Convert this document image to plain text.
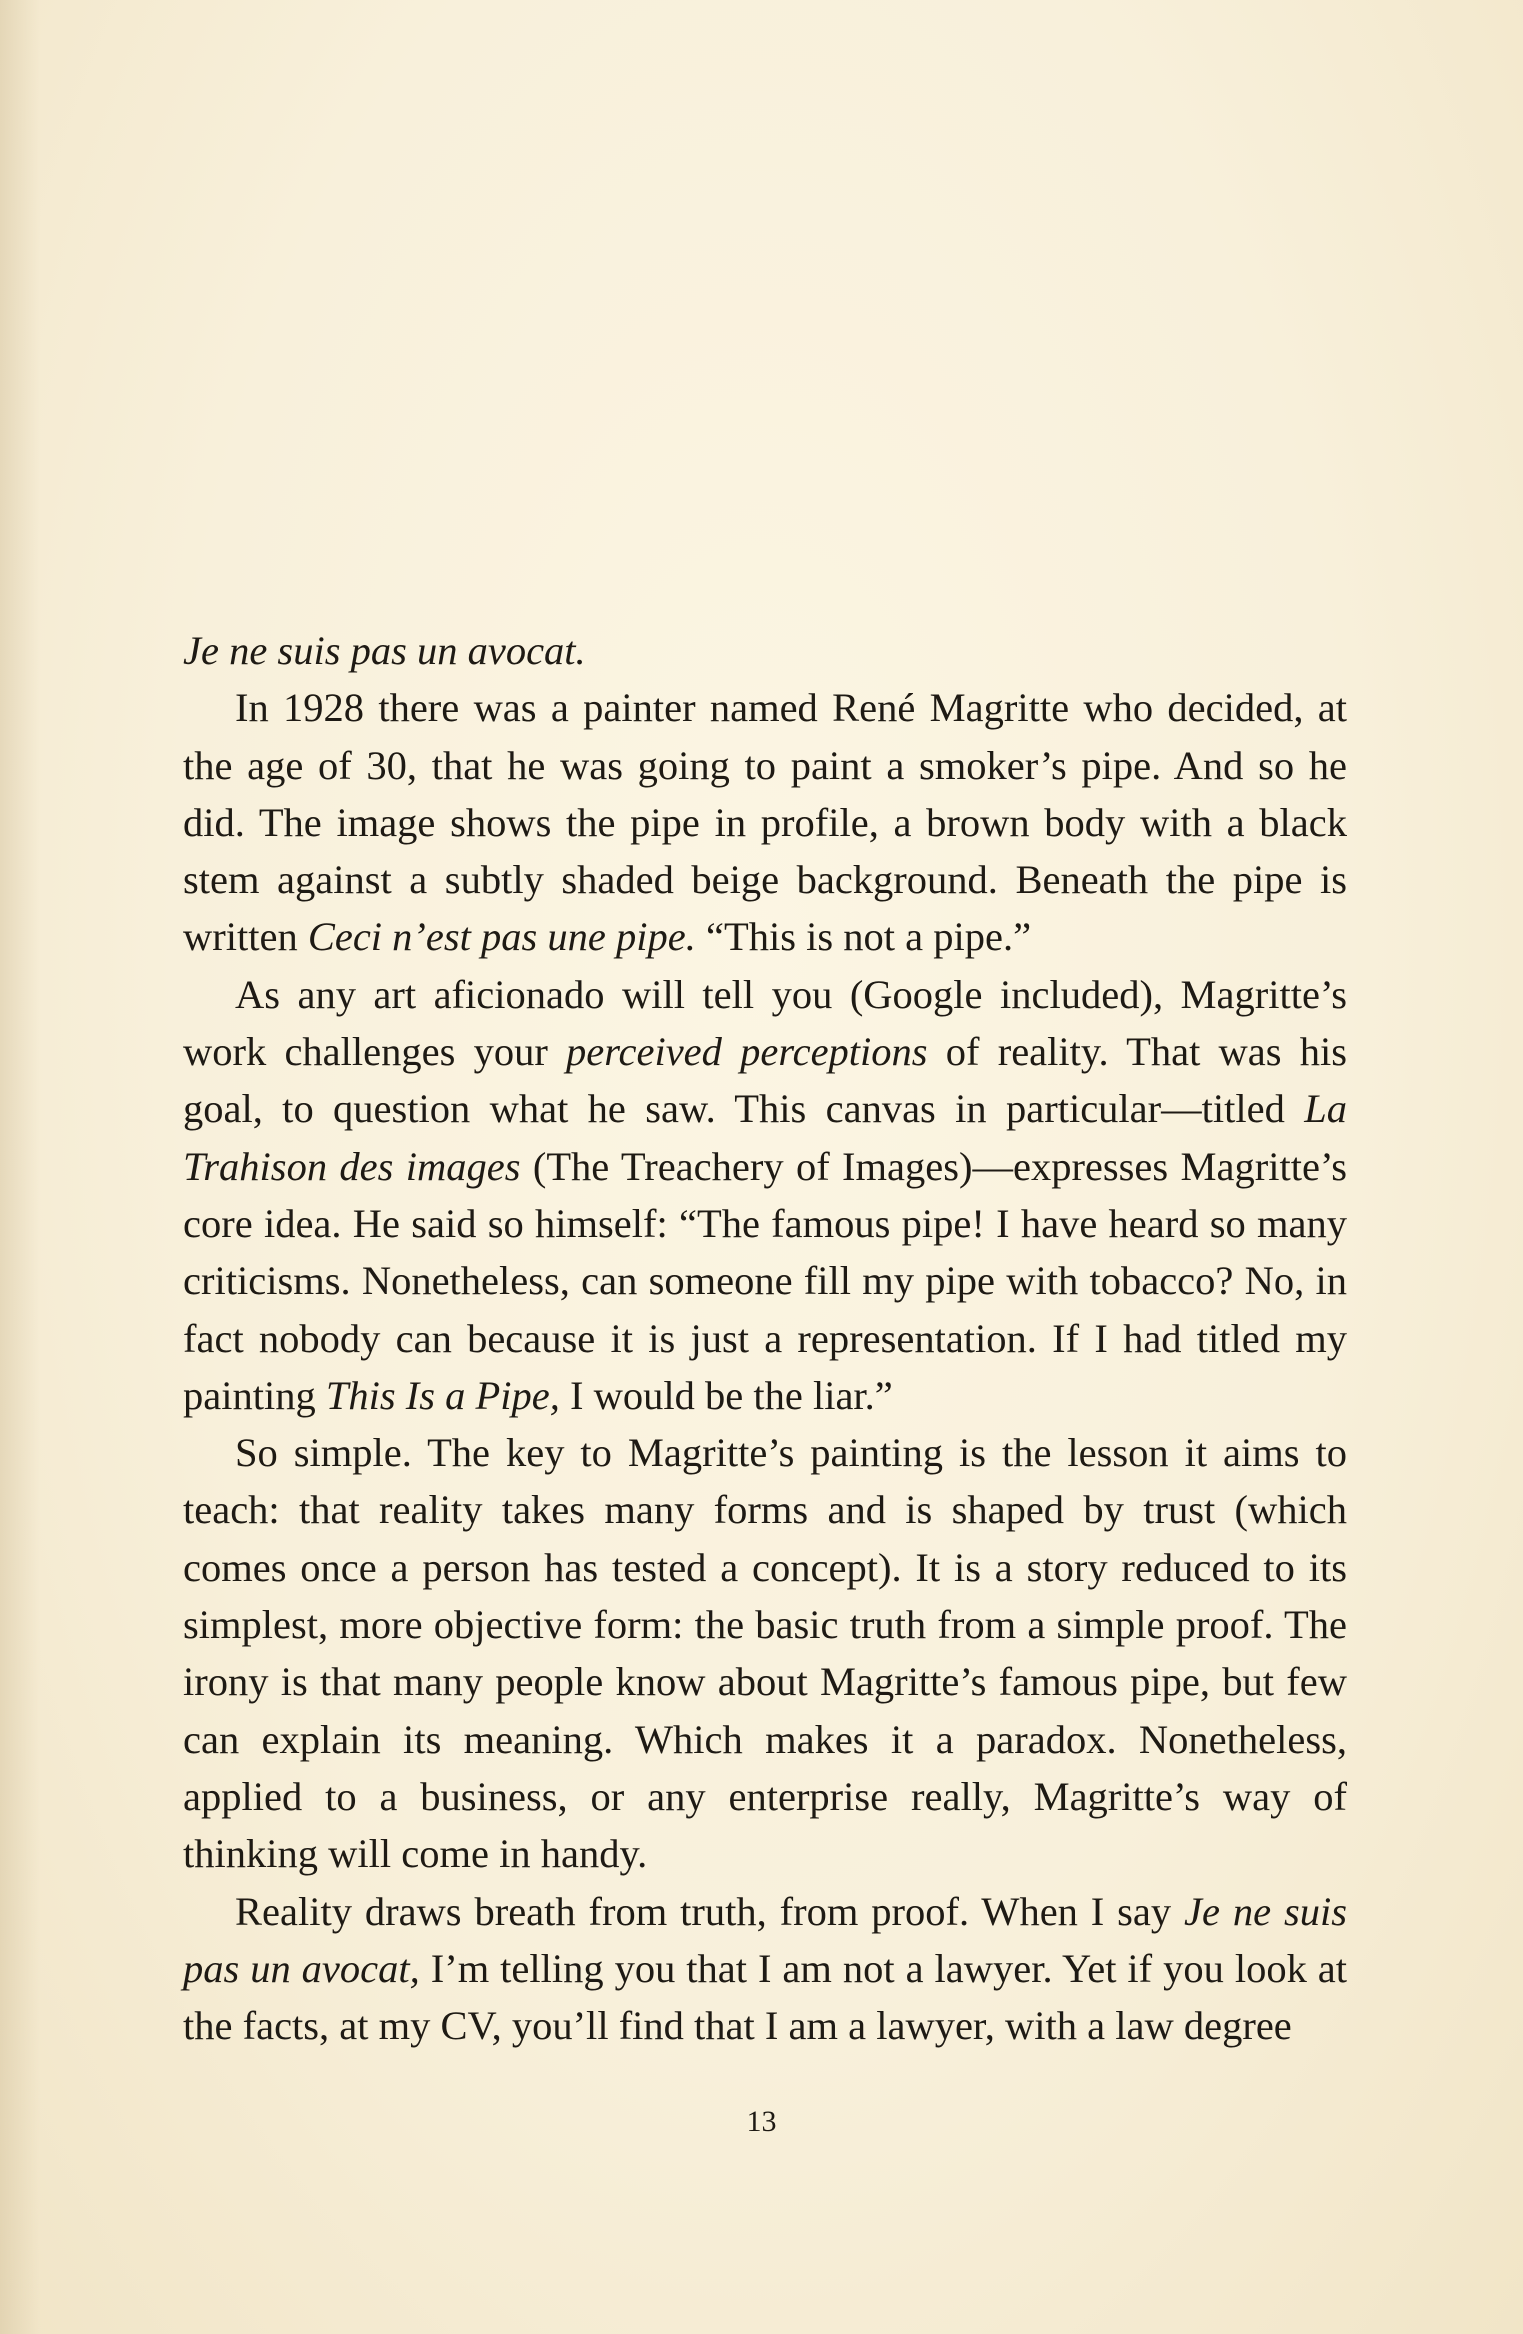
Je ne suis pas un avocat.

In 1928 there was a painter named René Magritte who decided, at the age of 30, that he was going to paint a smoker’s pipe. And so he did. The image shows the pipe in profile, a brown body with a black stem against a subtly shaded beige background. Beneath the pipe is written Ceci n’est pas une pipe. “This is not a pipe.”

As any art aficionado will tell you (Google included), Magritte’s work challenges your perceived perceptions of reality. That was his goal, to question what he saw. This canvas in particular—titled La Trahison des images (The Treachery of Images)—expresses Magritte’s core idea. He said so himself: “The famous pipe! I have heard so many criticisms. Nonetheless, can someone fill my pipe with tobacco? No, in fact nobody can because it is just a representation. If I had titled my painting This Is a Pipe, I would be the liar.”

So simple. The key to Magritte’s painting is the lesson it aims to teach: that reality takes many forms and is shaped by trust (which comes once a person has tested a concept). It is a story reduced to its simplest, more objective form: the basic truth from a simple proof. The irony is that many people know about Magritte’s famous pipe, but few can explain its meaning. Which makes it a paradox. Nonetheless, applied to a business, or any enterprise really, Magritte’s way of thinking will come in handy.

Reality draws breath from truth, from proof. When I say Je ne suis pas un avocat, I’m telling you that I am not a lawyer. Yet if you look at the facts, at my CV, you’ll find that I am a lawyer, with a law degree

13
